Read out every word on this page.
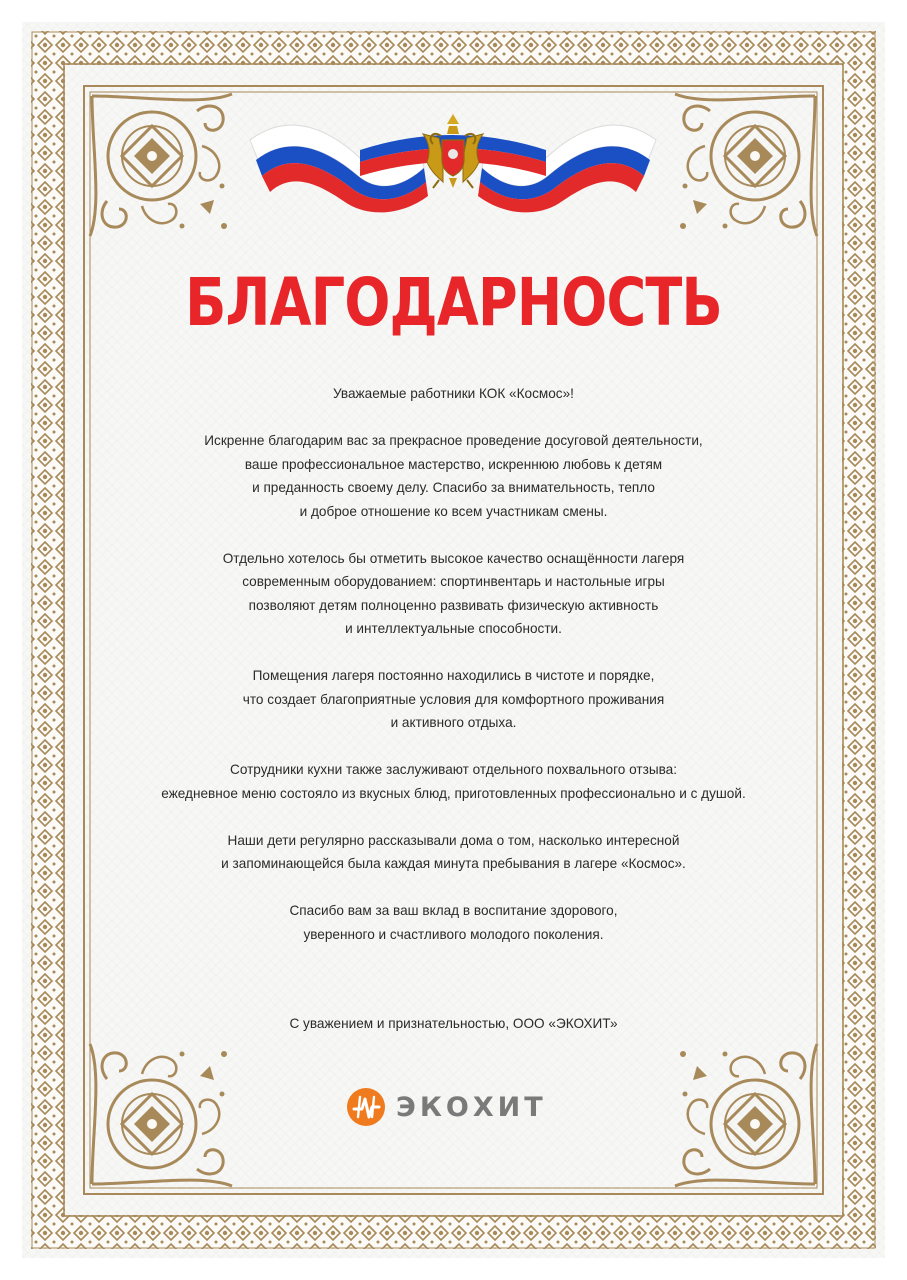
БЛАГОДАРНОСТЬ

Уважаемые работники КОК «Космос»!

Искренне благодарим вас за прекрасное проведение досуговой деятельности,
ваше профессиональное мастерство, искреннюю любовь к детям
и преданность своему делу. Спасибо за внимательность, тепло
и доброе отношение ко всем участникам смены.

Отдельно хотелось бы отметить высокое качество оснащённости лагеря
современным оборудованием: спортинвентарь и настольные игры
позволяют детям полноценно развивать физическую активность
и интеллектуальные способности.

Помещения лагеря постоянно находились в чистоте и порядке,
что создает благоприятные условия для комфортного проживания
и активного отдыха.

Сотрудники кухни также заслуживают отдельного похвального отзыва:
ежедневное меню состояло из вкусных блюд, приготовленных профессионально и с душой.

Наши дети регулярно рассказывали дома о том, насколько интересной
и запоминающейся была каждая минута пребывания в лагере «Космос».

Спасибо вам за ваш вклад в воспитание здорового,
уверенного и счастливого молодого поколения.

С уважением и признательностью, ООО «ЭКОХИТ»
ЭКОХИТ
